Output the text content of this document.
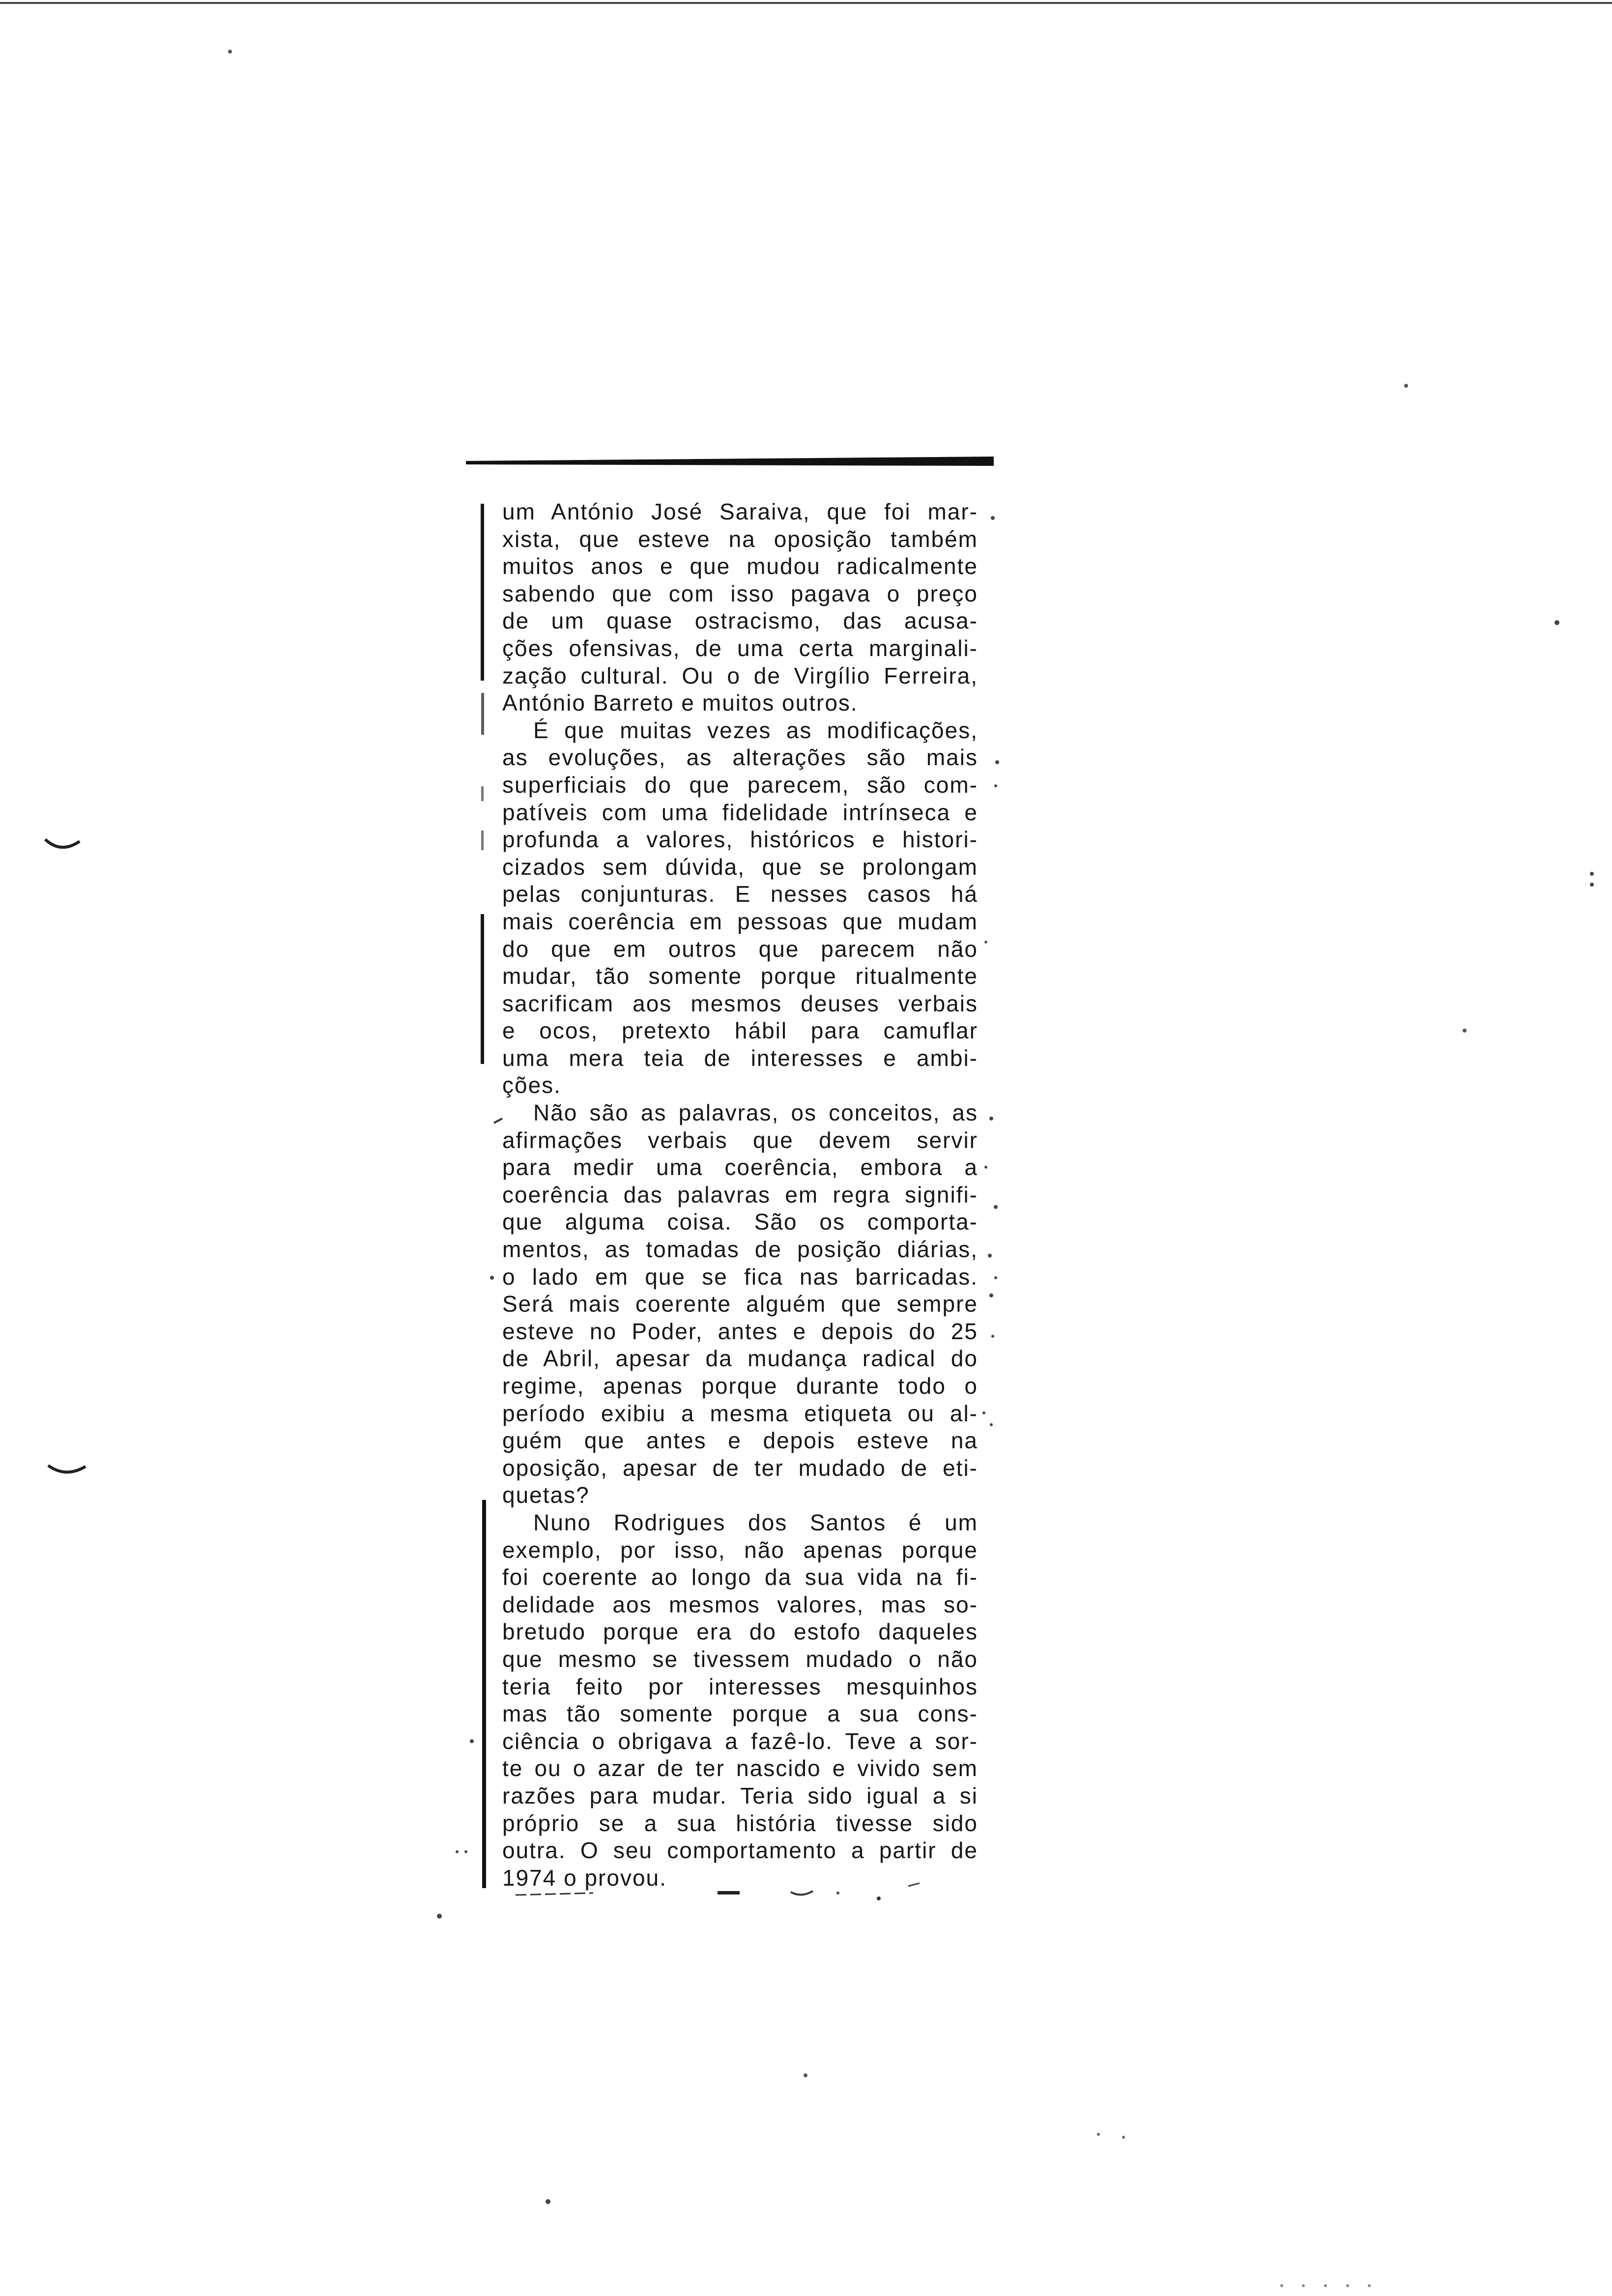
um António José Saraiva, que foi mar-
xista, que esteve na oposição também
muitos anos e que mudou radicalmente
sabendo que com isso pagava o preço
de um quase ostracismo, das acusa-
ções ofensivas, de uma certa marginali-
zação cultural. Ou o de Virgílio Ferreira,
António Barreto e muitos outros.
É que muitas vezes as modificações,
as evoluções, as alterações são mais
superficiais do que parecem, são com-
patíveis com uma fidelidade intrínseca e
profunda a valores, históricos e histori-
cizados sem dúvida, que se prolongam
pelas conjunturas. E nesses casos há
mais coerência em pessoas que mudam
do que em outros que parecem não
mudar, tão somente porque ritualmente
sacrificam aos mesmos deuses verbais
e ocos, pretexto hábil para camuflar
uma mera teia de interesses e ambi-
ções.
Não são as palavras, os conceitos, as
afirmações verbais que devem servir
para medir uma coerência, embora a
coerência das palavras em regra signifi-
que alguma coisa. São os comporta-
mentos, as tomadas de posição diárias,
o lado em que se fica nas barricadas.
Será mais coerente alguém que sempre
esteve no Poder, antes e depois do 25
de Abril, apesar da mudança radical do
regime, apenas porque durante todo o
período exibiu a mesma etiqueta ou al-
guém que antes e depois esteve na
oposição, apesar de ter mudado de eti-
quetas?
Nuno Rodrigues dos Santos é um
exemplo, por isso, não apenas porque
foi coerente ao longo da sua vida na fi-
delidade aos mesmos valores, mas so-
bretudo porque era do estofo daqueles
que mesmo se tivessem mudado o não
teria feito por interesses mesquinhos
mas tão somente porque a sua cons-
ciência o obrigava a fazê-lo. Teve a sor-
te ou o azar de ter nascido e vivido sem
razões para mudar. Teria sido igual a si
próprio se a sua história tivesse sido
outra. O seu comportamento a partir de
1974 o provou.
